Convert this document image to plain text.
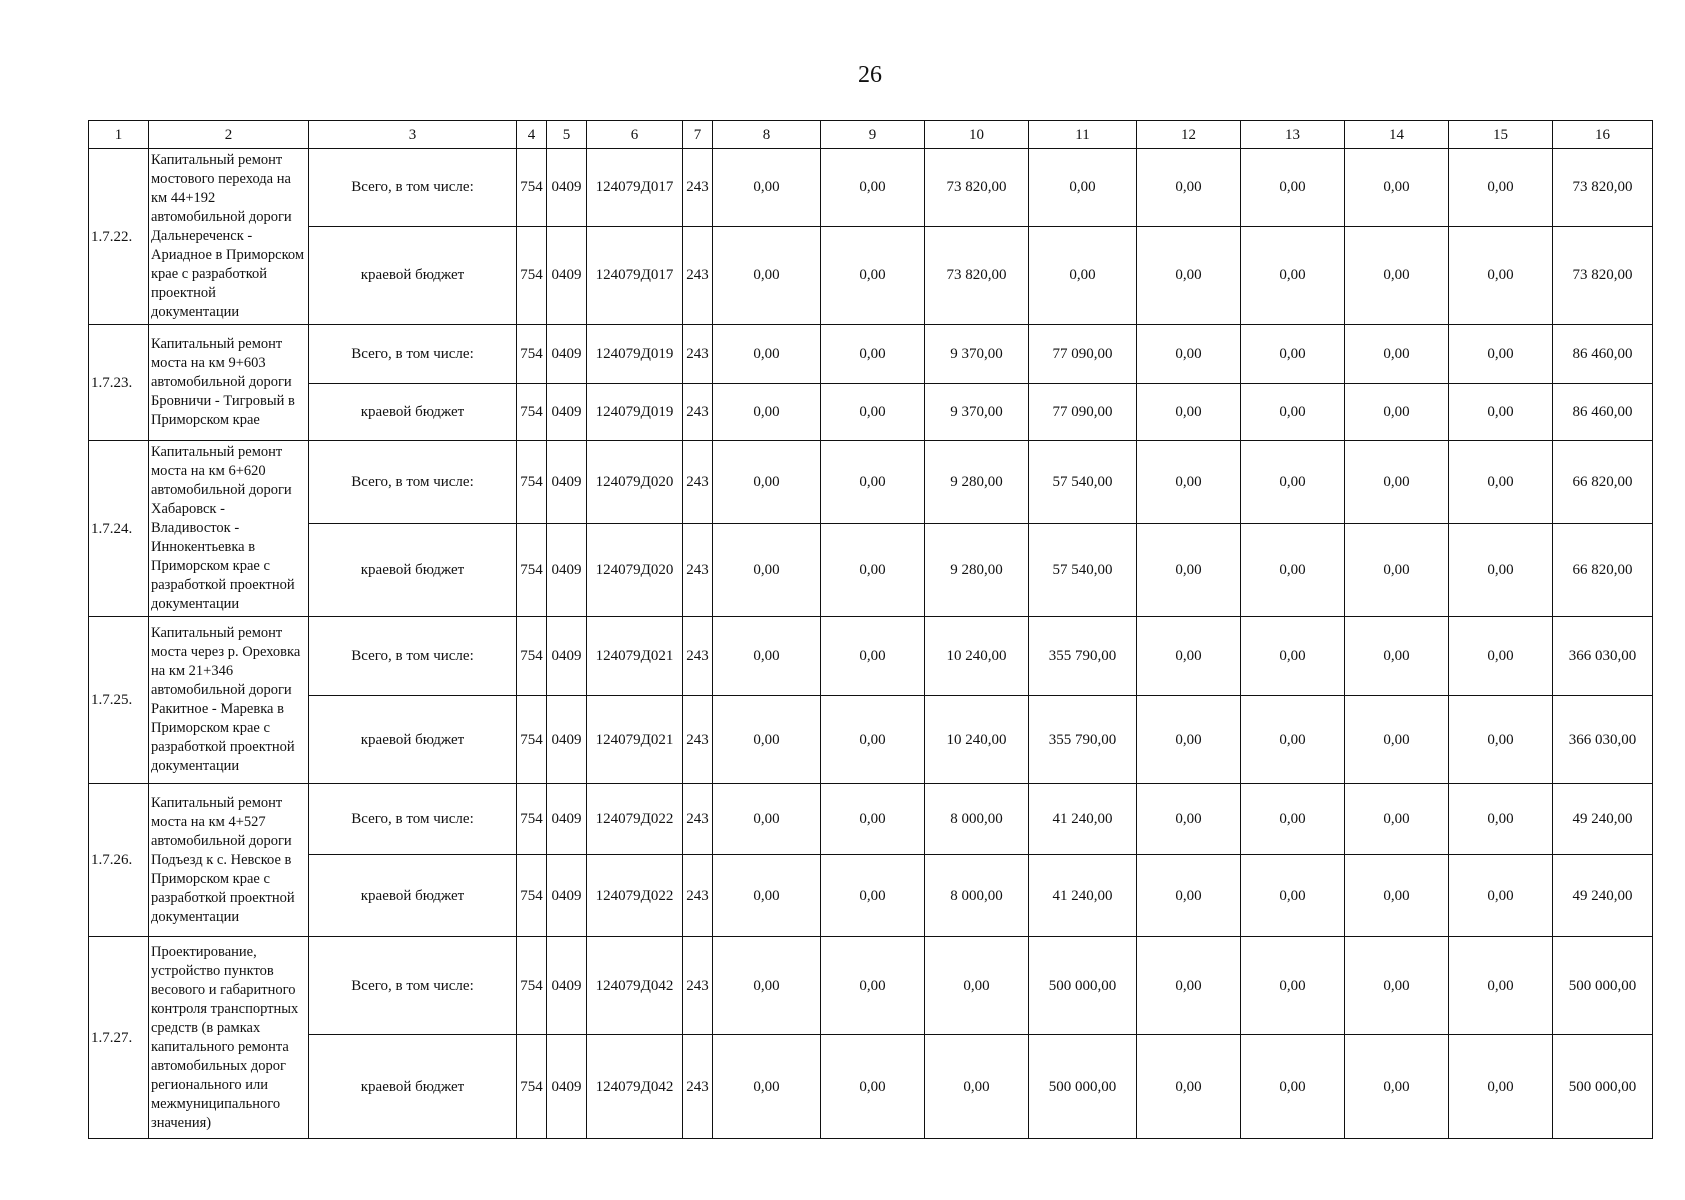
26
1	2	3	4	5	6	7	8	9	10	11	12	13	14	15	16
1.7.22.	Капитальный ремонт мостового перехода на км 44+192 автомобильной дороги Дальнереченск - Ариадное в Приморском крае с разработкой проектной документации	Всего, в том числе:	754	0409	124079Д017	243	0,00	0,00	73 820,00	0,00	0,00	0,00	0,00	0,00	73 820,00
		краевой бюджет	754	0409	124079Д017	243	0,00	0,00	73 820,00	0,00	0,00	0,00	0,00	0,00	73 820,00
1.7.23.	Капитальный ремонт моста на км 9+603 автомобильной дороги Бровничи - Тигровый в Приморском крае	Всего, в том числе:	754	0409	124079Д019	243	0,00	0,00	9 370,00	77 090,00	0,00	0,00	0,00	0,00	86 460,00
		краевой бюджет	754	0409	124079Д019	243	0,00	0,00	9 370,00	77 090,00	0,00	0,00	0,00	0,00	86 460,00
1.7.24.	Капитальный ремонт моста на км 6+620 автомобильной дороги Хабаровск - Владивосток - Иннокентьевка в Приморском крае с разработкой проектной документации	Всего, в том числе:	754	0409	124079Д020	243	0,00	0,00	9 280,00	57 540,00	0,00	0,00	0,00	0,00	66 820,00
		краевой бюджет	754	0409	124079Д020	243	0,00	0,00	9 280,00	57 540,00	0,00	0,00	0,00	0,00	66 820,00
1.7.25.	Капитальный ремонт моста через р. Ореховка на км 21+346 автомобильной дороги Ракитное - Маревка в Приморском крае с разработкой проектной документации	Всего, в том числе:	754	0409	124079Д021	243	0,00	0,00	10 240,00	355 790,00	0,00	0,00	0,00	0,00	366 030,00
		краевой бюджет	754	0409	124079Д021	243	0,00	0,00	10 240,00	355 790,00	0,00	0,00	0,00	0,00	366 030,00
1.7.26.	Капитальный ремонт моста на км 4+527 автомобильной дороги Подъезд к с. Невское в Приморском крае с разработкой проектной документации	Всего, в том числе:	754	0409	124079Д022	243	0,00	0,00	8 000,00	41 240,00	0,00	0,00	0,00	0,00	49 240,00
		краевой бюджет	754	0409	124079Д022	243	0,00	0,00	8 000,00	41 240,00	0,00	0,00	0,00	0,00	49 240,00
1.7.27.	Проектирование, устройство пунктов весового и габаритного контроля транспортных средств (в рамках капитального ремонта автомобильных дорог регионального или межмуниципального значения)	Всего, в том числе:	754	0409	124079Д042	243	0,00	0,00	0,00	500 000,00	0,00	0,00	0,00	0,00	500 000,00
		краевой бюджет	754	0409	124079Д042	243	0,00	0,00	0,00	500 000,00	0,00	0,00	0,00	0,00	500 000,00
